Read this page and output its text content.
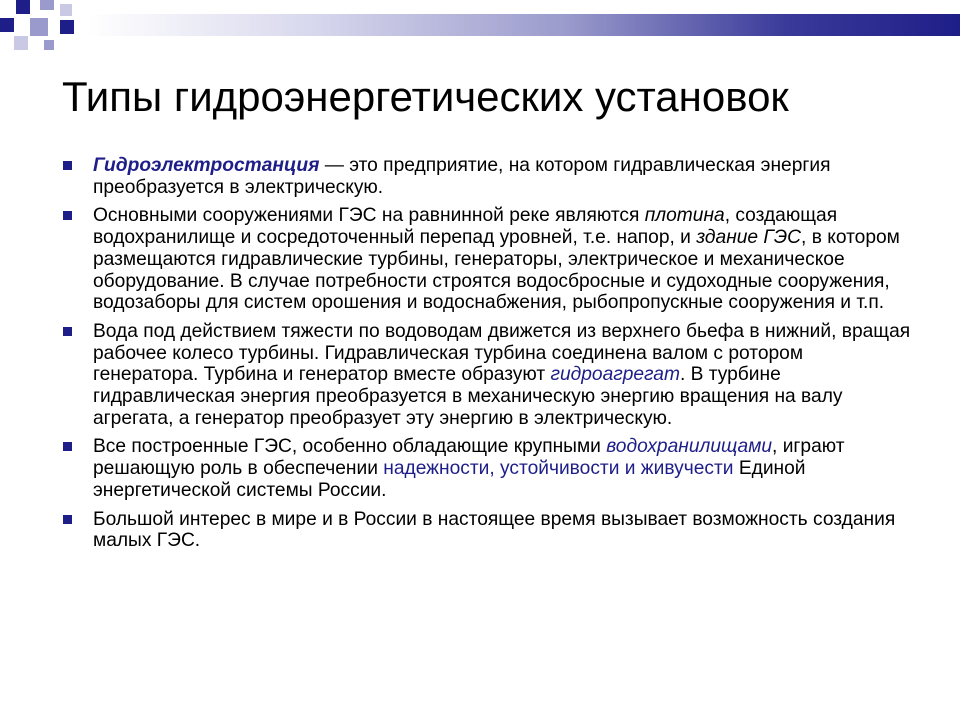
Типы гидроэнергетических установок
Гидроэлектростанция — это предприятие, на котором гидравлическая энергия преобразуется в электрическую.
Основными сооружениями ГЭС на равнинной реке являются плотина, создающая водохранилище и сосредоточенный перепад уровней, т.е. напор, и здание ГЭС, в котором размещаются гидравлические турбины, генераторы, электрическое и механическое оборудование. В случае потребности строятся водосбросные и судоходные сооружения, водозаборы для систем орошения и водоснабжения, рыбопропускные сооружения и т.п.
Вода под действием тяжести по водоводам движется из верхнего бьефа в нижний, вращая рабочее колесо турбины. Гидравлическая турбина соединена валом с ротором генератора. Турбина и генератор вместе образуют гидроагрегат. В турбине гидравлическая энергия преобразуется в механическую энергию вращения на валу агрегата, а генератор преобразует эту энергию в электрическую.
Все построенные ГЭС, особенно обладающие крупными водохранилищами, играют решающую роль в обеспечении надежности, устойчивости и живучести Единой энергетической системы России.
Большой интерес в мире и в России в настоящее время вызывает возможность создания малых ГЭС.
